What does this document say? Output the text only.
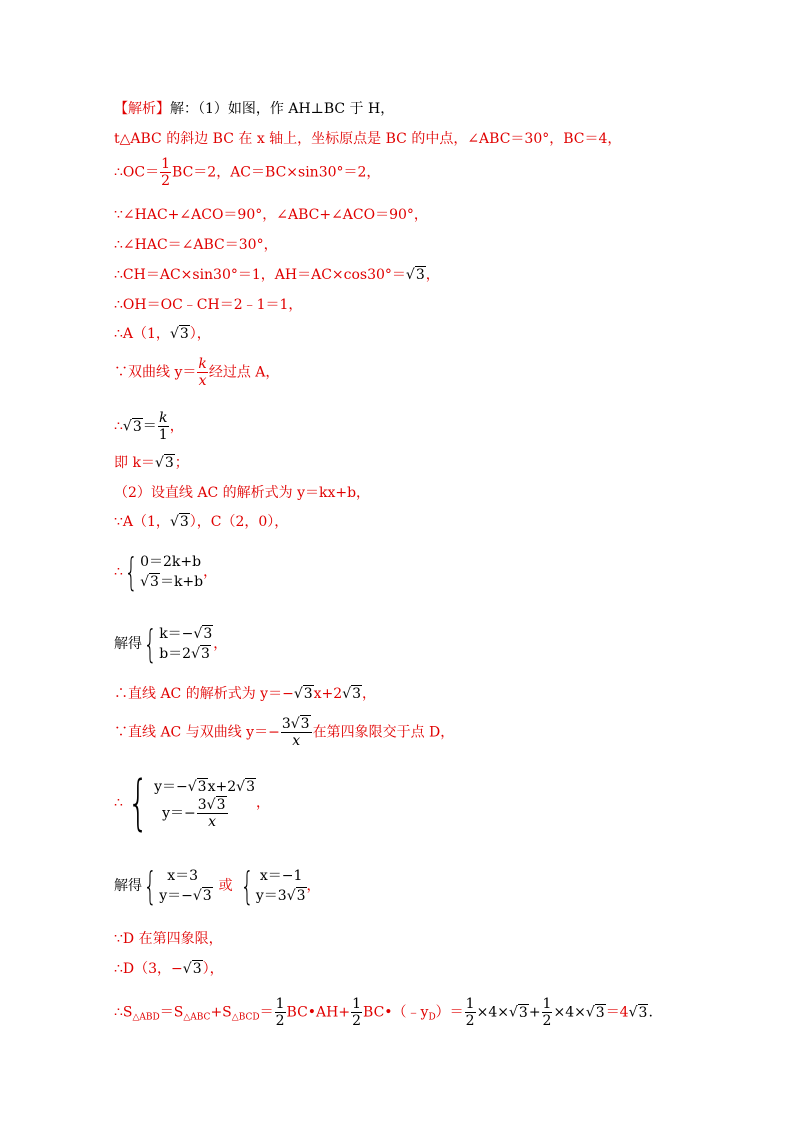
【解析】解：（1）如图，作 AH⊥BC 于 H，
t△ABC 的斜边 BC 在 x 轴上，坐标原点是 BC 的中点，∠ABC＝30°，BC＝4，
∴OC＝ $\frac{1}{2} BC=2$，AC＝BC×sin30°＝2，
∵∠HAC+∠ACO＝90°，∠ABC+∠ACO＝90°，
∴∠HAC＝∠ABC＝30°，
∴CH＝AC×sin30°＝1，AH＝AC×cos30°＝√3，
∴OH＝OC﹣CH＝2﹣1＝1，
∴A（1，√3），
∵双曲线 $y= \frac{k}{x}$ 经过点 A，
∴√3＝ $\frac{k}{1}$ ，
即 k＝√3；
（2）设直线 AC 的解析式为 y＝kx+b，
∵A（1，√3），C（2，0），
∴{ 0＝2k+b
√3＝k+b
，
解得{ k＝−√3
b＝2√3
，
∴直线 AC 的解析式为 y＝−√3x+2√3，
∵直线 AC 与双曲线 $y=- \frac{3√3}{x}$ 在第四象限交于点 D，
∴{ y＝−√3x+2√3
$y=- \frac{3√3}{x}$ ，
解得{ x＝3
y＝−√3
或 { x＝−1
y＝3√3
，
∵D 在第四象限，
∴D（3，−√3），
$\therefore S_{\triangle ABD}=S_{\triangle ABC}+S_{\triangle BCD}= \frac{1}{2}$ BC•AH+ $\frac{1}{2}$ $BC•(﹣y_D)= \frac{1}{2} \times 4\times√3+ \frac{1}{2} \times 4\times√3=4√3$.
